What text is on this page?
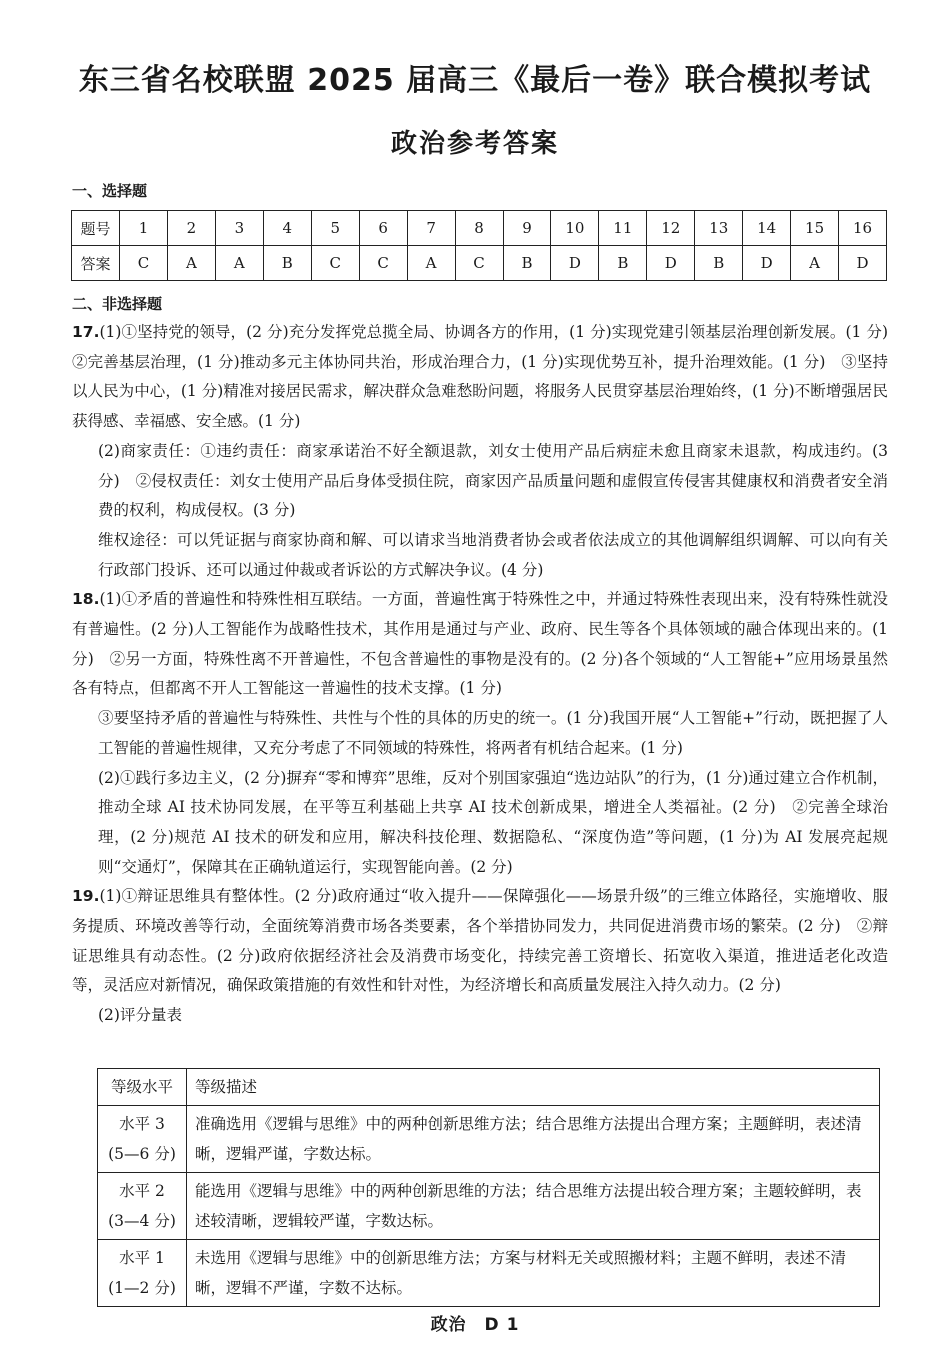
东三省名校联盟 2025 届高三《最后一卷》联合模拟考试
政治参考答案
一、选择题
题号	1	2	3	4	5	6	7	8	9	10	11	12	13	14	15	16
答案	C	A	A	B	C	C	A	C	B	D	B	D	B	D	A	D
二、非选择题

17.(1)①坚持党的领导，(2 分)充分发挥党总揽全局、协调各方的作用，(1 分)实现党建引领基层治理创新发展。(1 分)　②完善基层治理，(1 分)推动多元主体协同共治，形成治理合力，(1 分)实现优势互补，提升治理效能。(1 分)　③坚持以人民为中心，(1 分)精准对接居民需求，解决群众急难愁盼问题，将服务人民贯穿基层治理始终，(1 分)不断增强居民获得感、幸福感、安全感。(1 分)

(2)商家责任：①违约责任：商家承诺治不好全额退款，刘女士使用产品后病症未愈且商家未退款，构成违约。(3 分)　②侵权责任：刘女士使用产品后身体受损住院，商家因产品质量问题和虚假宣传侵害其健康权和消费者安全消费的权利，构成侵权。(3 分)

维权途径：可以凭证据与商家协商和解、可以请求当地消费者协会或者依法成立的其他调解组织调解、可以向有关行政部门投诉、还可以通过仲裁或者诉讼的方式解决争议。(4 分)

18.(1)①矛盾的普遍性和特殊性相互联结。一方面，普遍性寓于特殊性之中，并通过特殊性表现出来，没有特殊性就没有普遍性。(2 分)人工智能作为战略性技术，其作用是通过与产业、政府、民生等各个具体领域的融合体现出来的。(1 分)　②另一方面，特殊性离不开普遍性，不包含普遍性的事物是没有的。(2 分)各个领域的“人工智能+”应用场景虽然各有特点，但都离不开人工智能这一普遍性的技术支撑。(1 分)

③要坚持矛盾的普遍性与特殊性、共性与个性的具体的历史的统一。(1 分)我国开展“人工智能+”行动，既把握了人工智能的普遍性规律，又充分考虑了不同领域的特殊性，将两者有机结合起来。(1 分)

(2)①践行多边主义，(2 分)摒弃“零和博弈”思维，反对个别国家强迫“选边站队”的行为，(1 分)通过建立合作机制，推动全球 AI 技术协同发展，在平等互利基础上共享 AI 技术创新成果，增进全人类福祉。(2 分)　②完善全球治理，(2 分)规范 AI 技术的研发和应用，解决科技伦理、数据隐私、“深度伪造”等问题，(1 分)为 AI 发展亮起规则“交通灯”，保障其在正确轨道运行，实现智能向善。(2 分)

19.(1)①辩证思维具有整体性。(2 分)政府通过“收入提升——保障强化——场景升级”的三维立体路径，实施增收、服务提质、环境改善等行动，全面统筹消费市场各类要素，各个举措协同发力，共同促进消费市场的繁荣。(2 分)　②辩证思维具有动态性。(2 分)政府依据经济社会及消费市场变化，持续完善工资增长、拓宽收入渠道，推进适老化改造等，灵活应对新情况，确保政策措施的有效性和针对性，为经济增长和高质量发展注入持久动力。(2 分)

(2)评分量表

等级水平	等级描述
水平 3
(5—6 分)	准确选用《逻辑与思维》中的两种创新思维方法；结合思维方法提出合理方案；主题鲜明，表述清晰，逻辑严谨，字数达标。
水平 2
(3—4 分)	能选用《逻辑与思维》中的两种创新思维的方法；结合思维方法提出较合理方案；主题较鲜明，表述较清晰，逻辑较严谨，字数达标。
水平 1
(1—2 分)	未选用《逻辑与思维》中的创新思维方法；方案与材料无关或照搬材料；主题不鲜明，表述不清晰，逻辑不严谨，字数不达标。
政治　D 1
